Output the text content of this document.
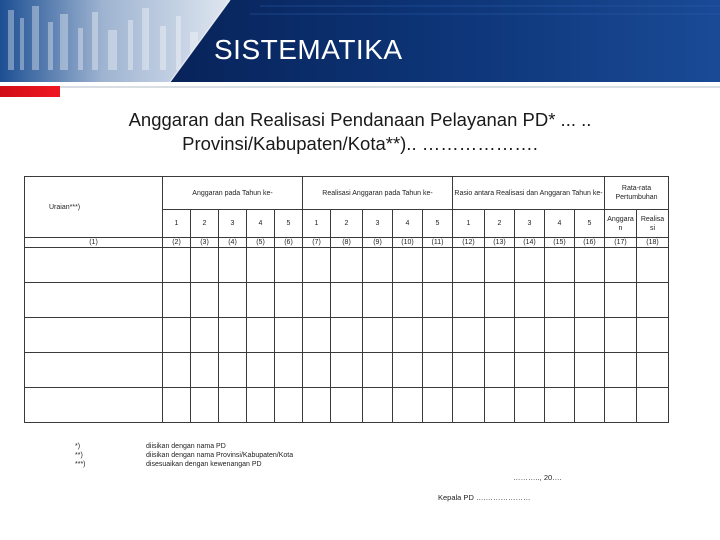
SISTEMATIKA
Anggaran dan Realisasi Pendanaan Pelayanan PD* ... ..
Provinsi/Kabupaten/Kota**).. ……………….
Uraian***)	Anggaran pada Tahun ke-					Realisasi Anggaran pada Tahun ke-					Rasio antara Realisasi dan Anggaran Tahun ke-					Rata-rata Pertumbuhan	
	1	2	3	4	5	1	2	3	4	5	1	2	3	4	5	Anggara n	Realisa si
(1)	(2)	(3)	(4)	(5)	(6)	(7)	(8)	(9)	(10)	(11)	(12)	(13)	(14)	(15)	(16)	(17)	(18)

*)
**)
***)
diisikan dengan nama PD
diisikan dengan nama Provinsi/Kabupaten/Kota
disesuaikan dengan kewenangan PD
……….., 20….
Kepala PD ….………………
